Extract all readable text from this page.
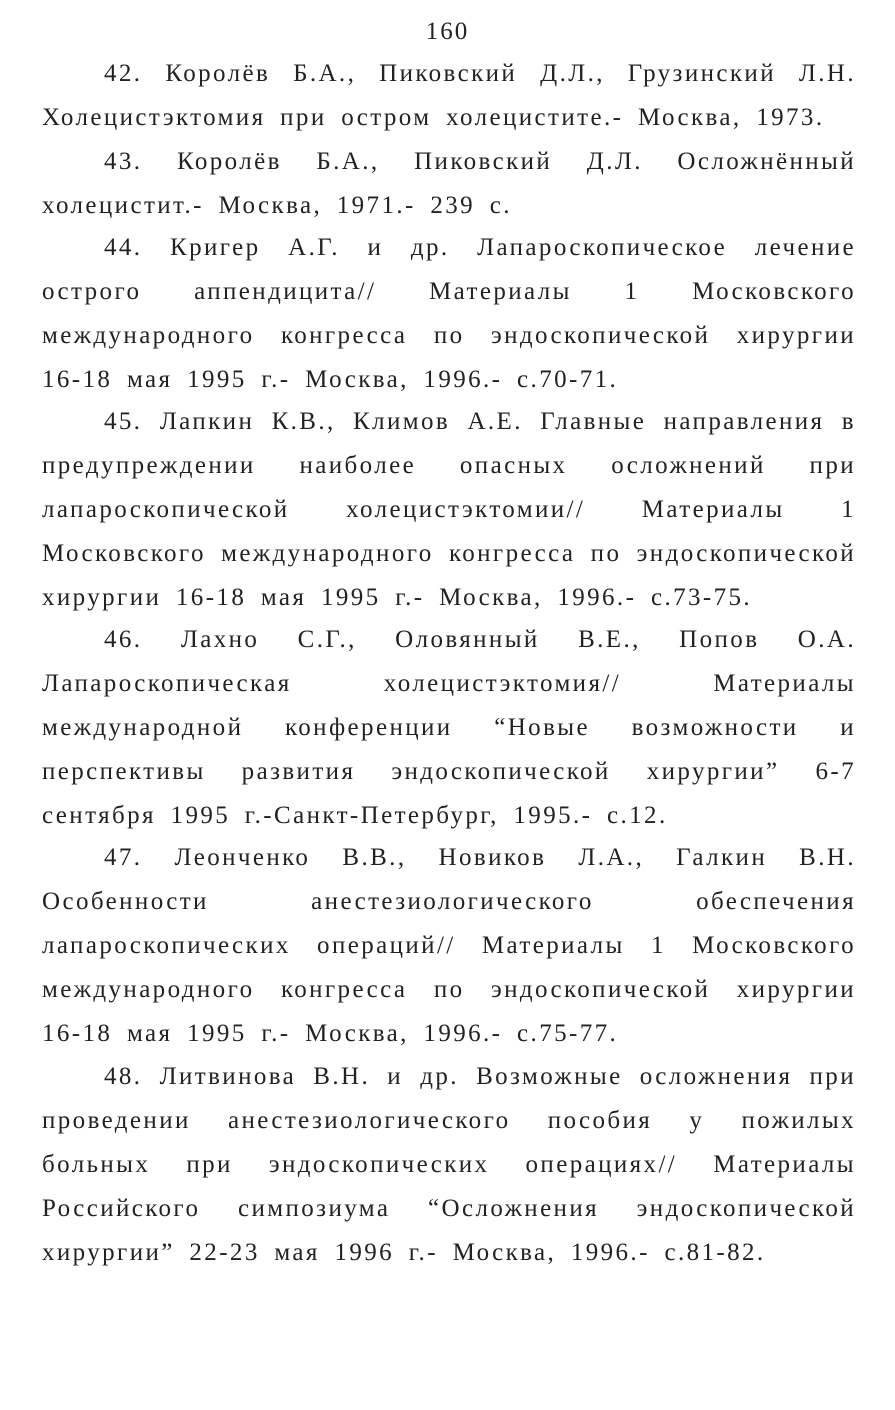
160

42. Королёв Б.А., Пиковский Д.Л., Грузинский Л.Н. Холецистэктомия при остром холецистите.- Москва, 1973.

43. Королёв Б.А., Пиковский Д.Л. Осложнённый холецистит.- Москва, 1971.- 239 с.

44. Кригер А.Г. и др. Лапароскопическое лечение острого аппендицита// Материалы 1 Московского международного конгресса по эндоскопической хирургии 16-18 мая 1995 г.- Москва, 1996.- с.70-71.

45. Лапкин К.В., Климов А.Е. Главные направления в предупреждении наиболее опасных осложнений при лапароскопической холецистэктомии// Материалы 1 Московского международного конгресса по эндоскопической хирургии 16-18 мая 1995 г.- Москва, 1996.- с.73-75.

46. Лахно С.Г., Оловянный В.Е., Попов О.А. Лапароскопическая холецистэктомия// Материалы международной конференции “Новые возможности и перспективы развития эндоскопической хирургии” 6-7 сентября 1995 г.-Санкт-Петербург, 1995.- с.12.

47. Леонченко В.В., Новиков Л.А., Галкин В.Н. Особенности анестезиологического обеспечения лапароскопических операций// Материалы 1 Московского международного конгресса по эндоскопической хирургии 16-18 мая 1995 г.- Москва, 1996.- с.75-77.

48. Литвинова В.Н. и др. Возможные осложнения при проведении анестезиологического пособия у пожилых больных при эндоскопических операциях// Материалы Российского симпозиума “Осложнения эндоскопической хирургии” 22-23 мая 1996 г.- Москва, 1996.- с.81-82.
